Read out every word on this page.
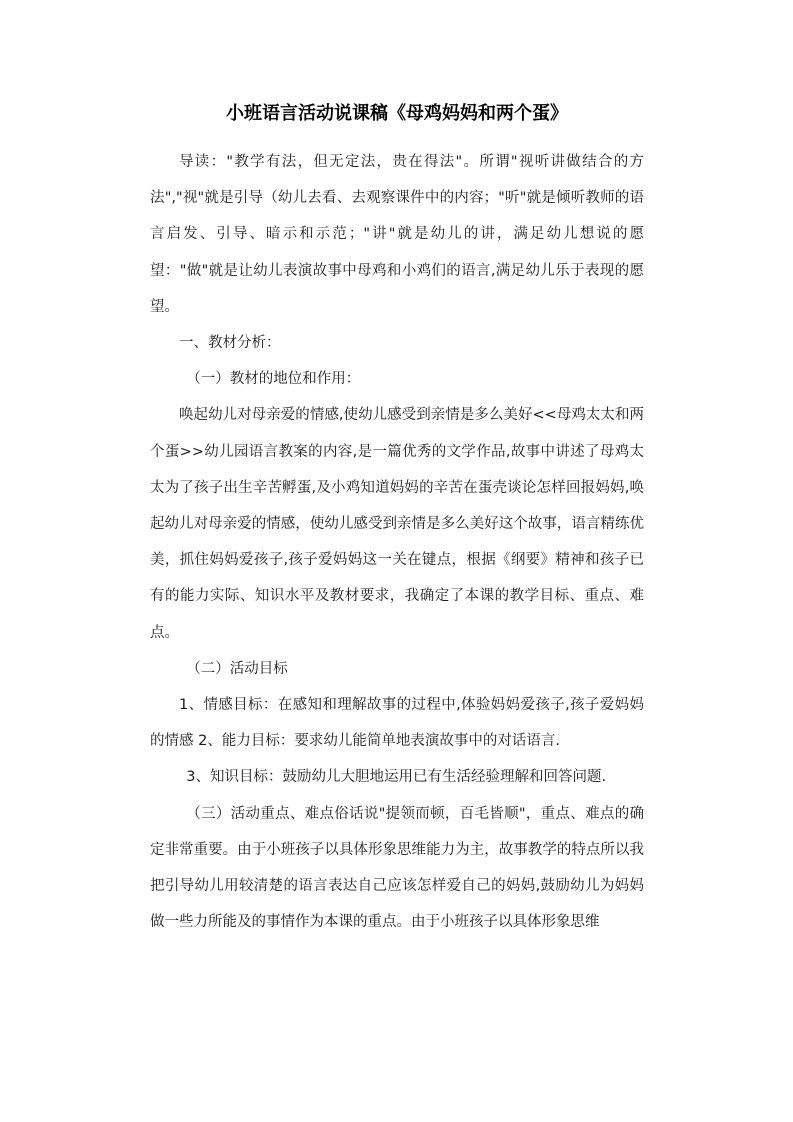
小班语言活动说课稿《母鸡妈妈和两个蛋》

导读："教学有法，但无定法，贵在得法"。所谓"视听讲做结合的方法","视"就是引导（幼儿去看、去观察课件中的内容；"听"就是倾听教师的语言启发、引导、暗示和示范；"讲"就是幼儿的讲，满足幼儿想说的愿望："做"就是让幼儿表演故事中母鸡和小鸡们的语言,满足幼儿乐于表现的愿望。

一、教材分析：

（一）教材的地位和作用：

唤起幼儿对母亲爱的情感,使幼儿感受到亲情是多么美好<<母鸡太太和两个蛋>>幼儿园语言教案的内容,是一篇优秀的文学作品,故事中讲述了母鸡太太为了孩子出生辛苦孵蛋,及小鸡知道妈妈的辛苦在蛋壳谈论怎样回报妈妈,唤起幼儿对母亲爱的情感，使幼儿感受到亲情是多么美好这个故事，语言精练优美，抓住妈妈爱孩子,孩子爱妈妈这一关在键点，根据《纲要》精神和孩子已有的能力实际、知识水平及教材要求，我确定了本课的教学目标、重点、难点。

（二）活动目标

1、情感目标：在感知和理解故事的过程中,体验妈妈爱孩子,孩子爱妈妈的情感 2、能力目标：要求幼儿能简单地表演故事中的对话语言.

3、知识目标：鼓励幼儿大胆地运用已有生活经验理解和回答问题.

（三）活动重点、难点俗话说"提领而顿，百毛皆顺"，重点、难点的确定非常重要。由于小班孩子以具体形象思维能力为主，故事教学的特点所以我把引导幼儿用较清楚的语言表达自己应该怎样爱自己的妈妈,鼓励幼儿为妈妈做一些力所能及的事情作为本课的重点。由于小班孩子以具体形象思维
